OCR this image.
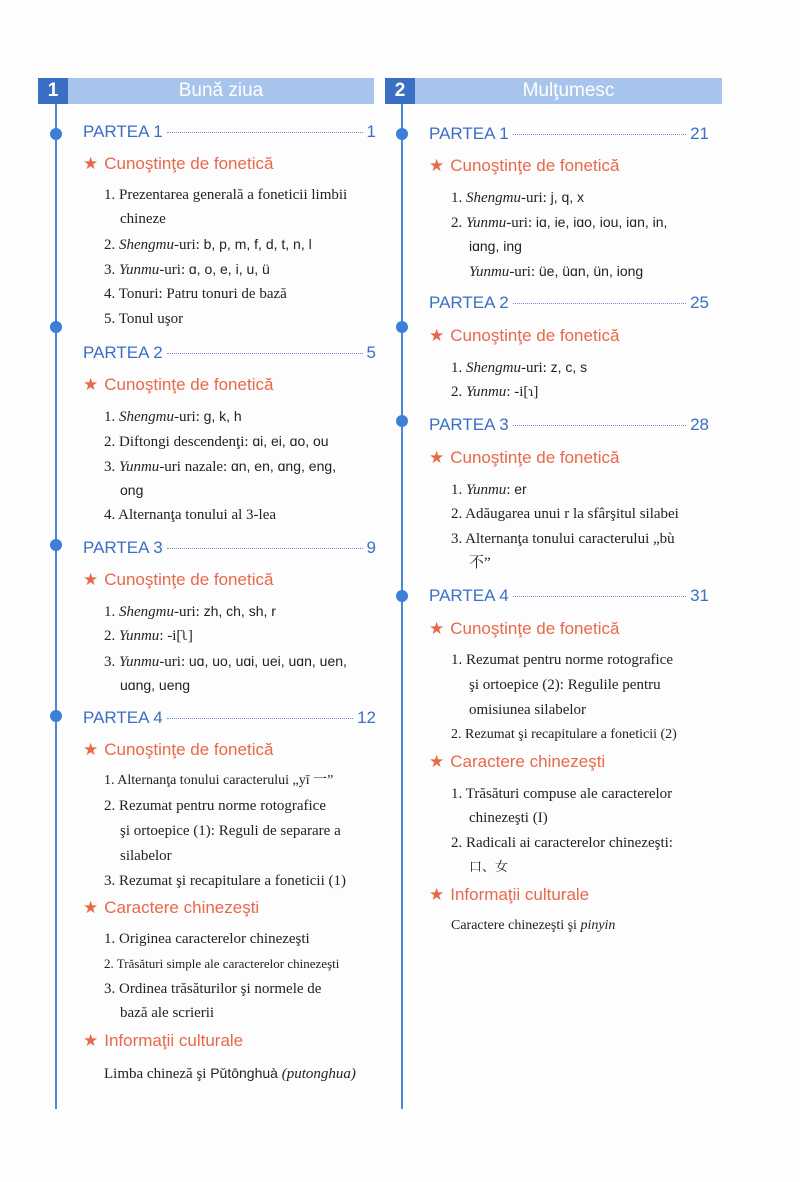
1	Bună ziua
PARTEA 1	1
★ Cunoştinţe de fonetică
1. Prezentarea generală a foneticii limbii
chineze
2. Shengmu-uri: b, p, m, f, d, t, n, l
3. Yunmu-uri: ɑ, o, e, i, u, ü
4. Tonuri: Patru tonuri de bază
5. Tonul uşor
PARTEA 2	5
★ Cunoştinţe de fonetică
1. Shengmu-uri: g, k, h
2. Diftongi descendenţi: ɑi, ei, ɑo, ou
3. Yunmu-uri nazale: ɑn, en, ɑng, eng,
ong
4. Alternanţa tonului al 3-lea
PARTEA 3	9
★ Cunoştinţe de fonetică
1. Shengmu-uri: zh, ch, sh, r
2. Yunmu: -i[ʅ]
3. Yunmu-uri: uɑ, uo, uɑi, uei, uɑn, uen,
uɑng, ueng
PARTEA 4	12
★ Cunoştinţe de fonetică
1. Alternanţa tonului caracterului „yī 一”
2. Rezumat pentru norme rotografice
şi ortoepice (1): Reguli de separare a
silabelor
3. Rezumat şi recapitulare a foneticii (1)
★ Caractere chinezeşti
1. Originea caracterelor chinezeşti
2. Trăsături simple ale caracterelor chinezeşti
3. Ordinea trăsăturilor şi normele de
bază ale scrierii
★ Informaţii culturale
Limba chineză şi Pǔtōnghuà (putonghua)
2	Mulţumesc
PARTEA 1	21
★ Cunoştinţe de fonetică
1. Shengmu-uri: j, q, x
2. Yunmu-uri: iɑ, ie, iɑo, iou, iɑn, in,
iɑng, ing
Yunmu-uri: üe, üɑn, ün, iong
PARTEA 2	25
★ Cunoştinţe de fonetică
1. Shengmu-uri: z, c, s
2. Yunmu: -i[ɿ]
PARTEA 3	28
★ Cunoştinţe de fonetică
1. Yunmu: er
2. Adăugarea unui r la sfârşitul silabei
3. Alternanţa tonului caracterului „bù
不”
PARTEA 4	31
★ Cunoştinţe de fonetică
1. Rezumat pentru norme rotografice
şi ortoepice (2): Regulile pentru
omisiunea silabelor
2. Rezumat şi recapitulare a foneticii (2)
★ Caractere chinezeşti
1. Trăsături compuse ale caracterelor
chinezeşti (I)
2. Radicali ai caracterelor chinezeşti:
口、女
★ Informaţii culturale
Caractere chinezeşti şi pinyin
